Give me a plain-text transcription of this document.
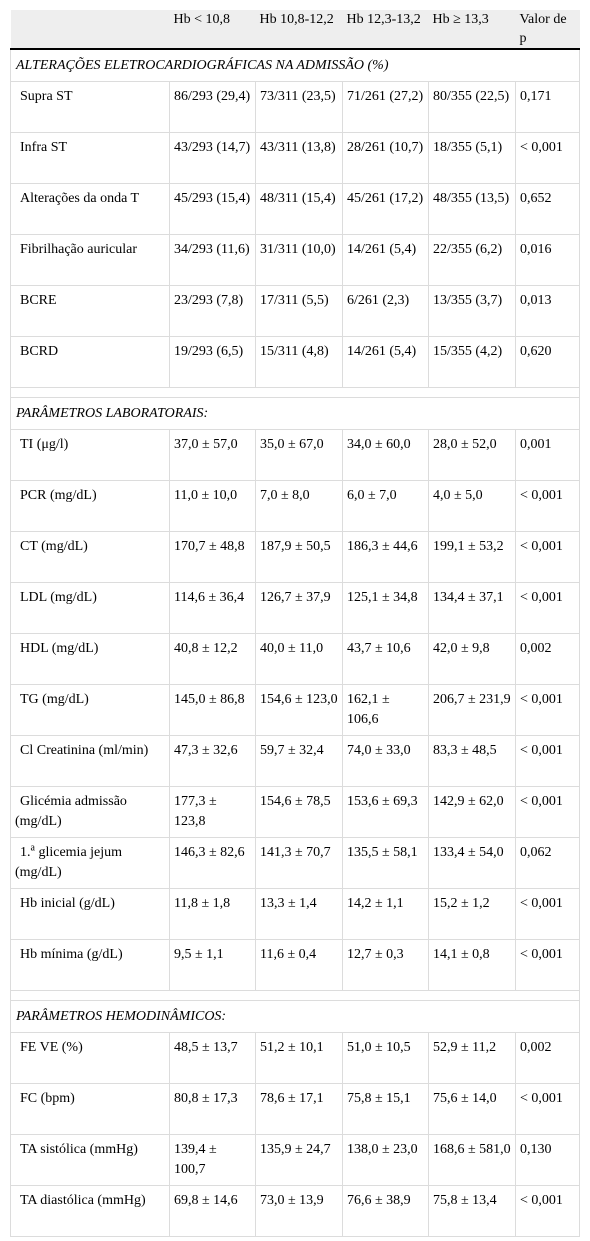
	Hb < 10,8	Hb 10,8-12,2	Hb 12,3-13,2	Hb ≥ 13,3	Valor de p
ALTERAÇÕES ELETROCARDIOGRÁFICAS NA ADMISSÃO (%)					
Supra ST	86/293 (29,4)	73/311 (23,5)	71/261 (27,2)	80/355 (22,5)	0,171
Infra ST	43/293 (14,7)	43/311 (13,8)	28/261 (10,7)	18/355 (5,1)	< 0,001
Alterações da onda T	45/293 (15,4)	48/311 (15,4)	45/261 (17,2)	48/355 (13,5)	0,652
Fibrilhação auricular	34/293 (11,6)	31/311 (10,0)	14/261 (5,4)	22/355 (6,2)	0,016
BCRE	23/293 (7,8)	17/311 (5,5)	6/261 (2,3)	13/355 (3,7)	0,013
BCRD	19/293 (6,5)	15/311 (4,8)	14/261 (5,4)	15/355 (4,2)	0,620

PARÂMETROS LABORATORAIS:					
TI (μg/l)	37,0 ± 57,0	35,0 ± 67,0	34,0 ± 60,0	28,0 ± 52,0	0,001
PCR (mg/dL)	11,0 ± 10,0	7,0 ± 8,0	6,0 ± 7,0	4,0 ± 5,0	< 0,001
CT (mg/dL)	170,7 ± 48,8	187,9 ± 50,5	186,3 ± 44,6	199,1 ± 53,2	< 0,001
LDL (mg/dL)	114,6 ± 36,4	126,7 ± 37,9	125,1 ± 34,8	134,4 ± 37,1	< 0,001
HDL (mg/dL)	40,8 ± 12,2	40,0 ± 11,0	43,7 ± 10,6	42,0 ± 9,8	0,002
TG (mg/dL)	145,0 ± 86,8	154,6 ± 123,0	162,1 ± 106,6	206,7 ± 231,9	< 0,001
Cl Creatinina (ml/min)	47,3 ± 32,6	59,7 ± 32,4	74,0 ± 33,0	83,3 ± 48,5	< 0,001
Glicémia admissão (mg/dL)	177,3 ± 123,8	154,6 ± 78,5	153,6 ± 69,3	142,9 ± 62,0	< 0,001
1.$^a$ glicemia jejum (mg/dL)	146,3 ± 82,6	141,3 ± 70,7	135,5 ± 58,1	133,4 ± 54,0	0,062
Hb inicial (g/dL)	11,8 ± 1,8	13,3 ± 1,4	14,2 ± 1,1	15,2 ± 1,2	< 0,001
Hb mínima (g/dL)	9,5 ± 1,1	11,6 ± 0,4	12,7 ± 0,3	14,1 ± 0,8	< 0,001

PARÂMETROS HEMODINÂMICOS:					
FE VE (%)	48,5 ± 13,7	51,2 ± 10,1	51,0 ± 10,5	52,9 ± 11,2	0,002
FC (bpm)	80,8 ± 17,3	78,6 ± 17,1	75,8 ± 15,1	75,6 ± 14,0	< 0,001
TA sistólica (mmHg)	139,4 ± 100,7	135,9 ± 24,7	138,0 ± 23,0	168,6 ± 581,0	0,130
TA diastólica (mmHg)	69,8 ± 14,6	73,0 ± 13,9	76,6 ± 38,9	75,8 ± 13,4	< 0,001
